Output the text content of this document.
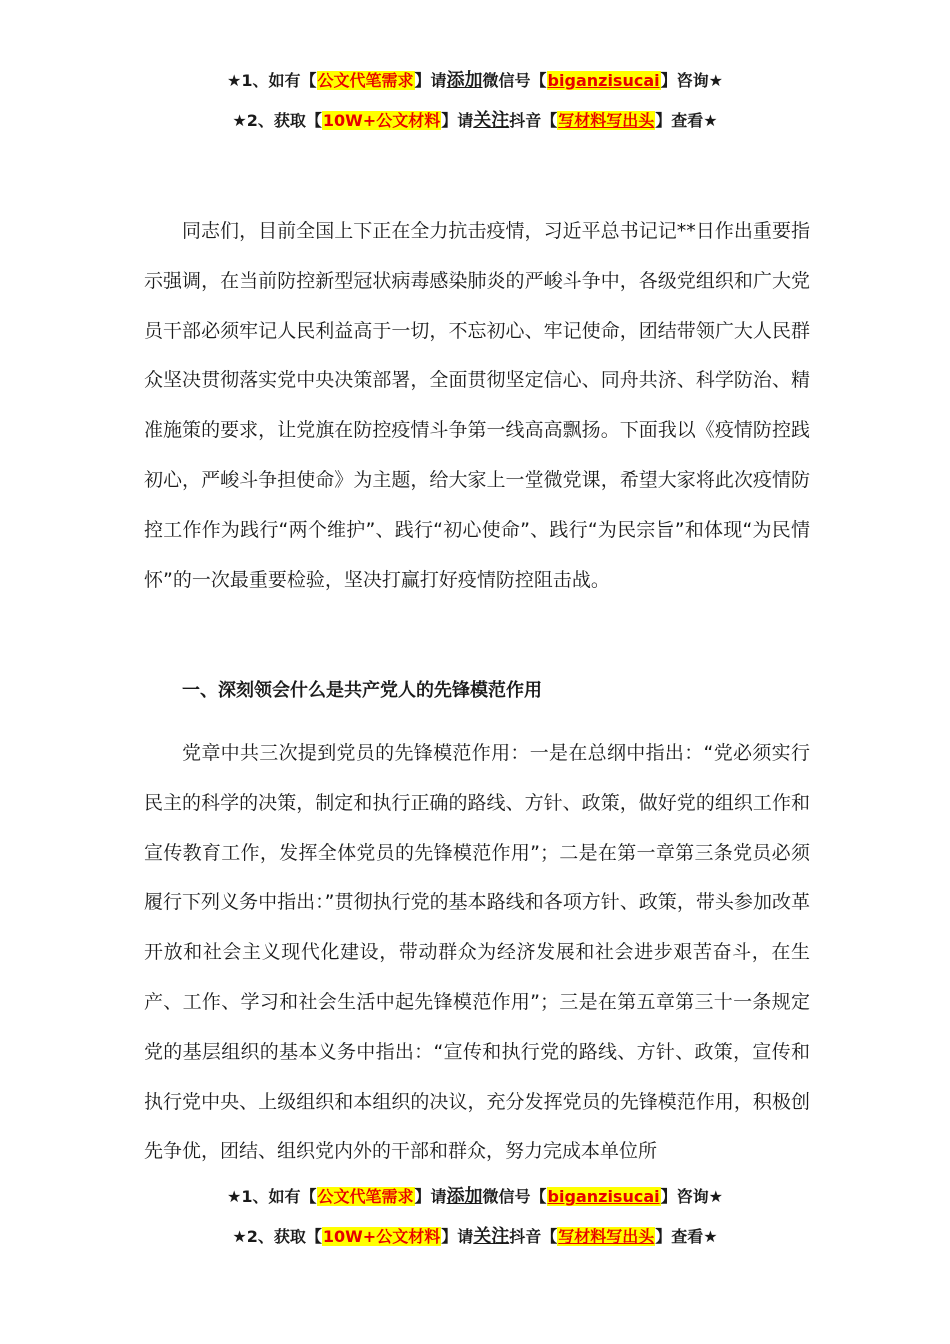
★1、如有【公文代笔需求】请添加微信号【biganzisucai】咨询★
★2、获取【10W+公文材料】请关注抖音【写材料写出头】查看★

同志们，目前全国上下正在全力抗击疫情，习近平总书记记**日作出重要指示强调，在当前防控新型冠状病毒感染肺炎的严峻斗争中，各级党组织和广大党员干部必须牢记人民利益高于一切，不忘初心、牢记使命，团结带领广大人民群众坚决贯彻落实党中央决策部署，全面贯彻坚定信心、同舟共济、科学防治、精准施策的要求，让党旗在防控疫情斗争第一线高高飘扬。下面我以《疫情防控践初心，严峻斗争担使命》为主题，给大家上一堂微党课，希望大家将此次疫情防控工作作为践行“两个维护”、践行“初心使命”、践行“为民宗旨”和体现“为民情怀”的一次最重要检验，坚决打赢打好疫情防控阻击战。

一、深刻领会什么是共产党人的先锋模范作用

党章中共三次提到党员的先锋模范作用：一是在总纲中指出：“党必须实行民主的科学的决策，制定和执行正确的路线、方针、政策，做好党的组织工作和宣传教育工作，发挥全体党员的先锋模范作用”；二是在第一章第三条党员必须履行下列义务中指出：”贯彻执行党的基本路线和各项方针、政策，带头参加改革开放和社会主义现代化建设，带动群众为经济发展和社会进步艰苦奋斗，在生产、工作、学习和社会生活中起先锋模范作用”；三是在第五章第三十一条规定党的基层组织的基本义务中指出：“宣传和执行党的路线、方针、政策，宣传和执行党中央、上级组织和本组织的决议，充分发挥党员的先锋模范作用，积极创先争优，团结、组织党内外的干部和群众，努力完成本单位所

★1、如有【公文代笔需求】请添加微信号【biganzisucai】咨询★
★2、获取【10W+公文材料】请关注抖音【写材料写出头】查看★
